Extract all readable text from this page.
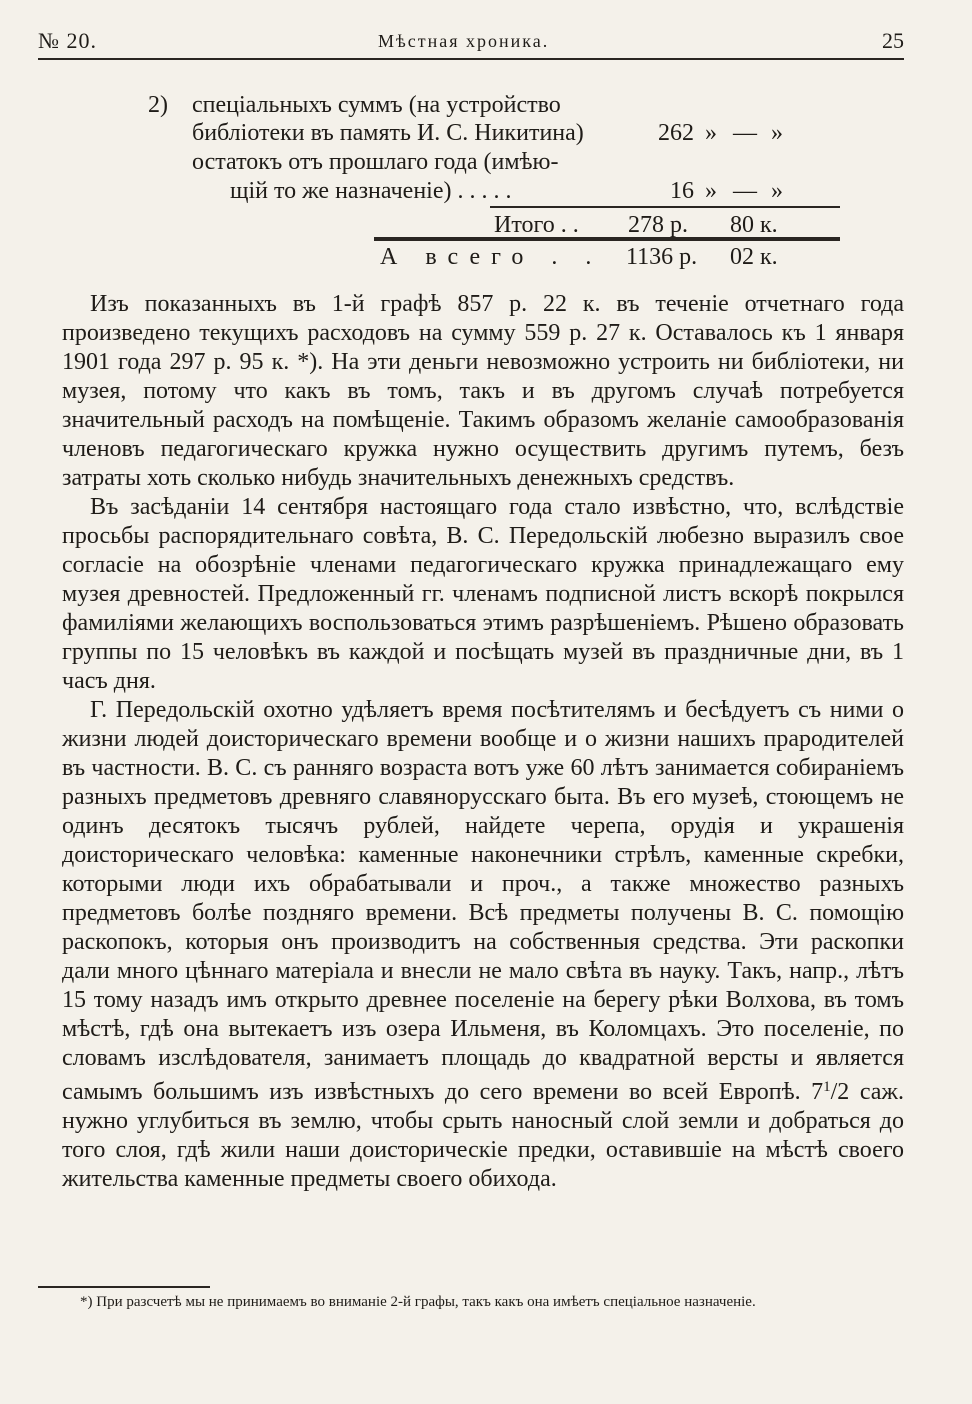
№ 20.	Мѣстная хроника.	25
2) спеціальныхъ суммъ (на устройство
библіотеки въ память И. С. Никитина)	262 » — »
остатокъ отъ прошлаго года (имѣю-
щій то же назначеніе) . . . . .	16 » — »
Итого . . 278 р. 80 к.
А всего . . 1136 р. 02 к.

Изъ показанныхъ въ 1-й графѣ 857 р. 22 к. въ теченіе отчетнаго года произведено текущихъ расходовъ на сумму 559 р. 27 к. Оставалось къ 1 января 1901 года 297 р. 95 к. *). На эти деньги невозможно устроить ни библіотеки, ни музея, потому что какъ въ томъ, такъ и въ другомъ случаѣ потребуется значительный расходъ на помѣщеніе. Такимъ образомъ желаніе самообразованія членовъ педагогическаго кружка нужно осуществить другимъ путемъ, безъ затраты хоть сколько нибудь значительныхъ денежныхъ средствъ.

Въ засѣданіи 14 сентября настоящаго года стало извѣстно, что, вслѣдствіе просьбы распорядительнаго совѣта, В. С. Передольскій любезно выразилъ свое согласіе на обозрѣніе членами педагогическаго кружка принадлежащаго ему музея древностей. Предложенный гг. членамъ подписной листъ вскорѣ покрылся фамиліями желающихъ воспользоваться этимъ разрѣшеніемъ. Рѣшено образовать группы по 15 человѣкъ въ каждой и посѣщать музей въ праздничные дни, въ 1 часъ дня.

Г. Передольскій охотно удѣляетъ время посѣтителямъ и бесѣдуетъ съ ними о жизни людей доисторическаго времени вообще и о жизни нашихъ прародителей въ частности. В. С. съ ранняго возраста вотъ уже 60 лѣтъ занимается собираніемъ разныхъ предметовъ древняго славянорусскаго быта. Въ его музеѣ, стоющемъ не одинъ десятокъ тысячъ рублей, найдете черепа, орудія и украшенія доисторическаго человѣка: каменные наконечники стрѣлъ, каменные скребки, которыми люди ихъ обрабатывали и проч., а также множество разныхъ предметовъ болѣе поздняго времени. Всѣ предметы получены В. С. помощію раскопокъ, которыя онъ производитъ на собственныя средства. Эти раскопки дали много цѣннаго матеріала и внесли не мало свѣта въ науку. Такъ, напр., лѣтъ 15 тому назадъ имъ открыто древнее поселеніе на берегу рѣки Волхова, въ томъ мѣстѣ, гдѣ она вытекаетъ изъ озера Ильменя, въ Коломцахъ. Это поселеніе, по словамъ изслѣдователя, занимаетъ площадь до квадратной версты и является самымъ большимъ изъ извѣстныхъ до сего времени во всей Европѣ. $7^1/2$ саж. нужно углубиться въ землю, чтобы срыть наносный слой земли и добраться до того слоя, гдѣ жили наши доисторическіе предки, оставившіе на мѣстѣ своего жительства каменные предметы своего обихода.

*) При разсчетѣ мы не принимаемъ во вниманіе 2-й графы, такъ какъ она имѣетъ спеціальное назначеніе.
